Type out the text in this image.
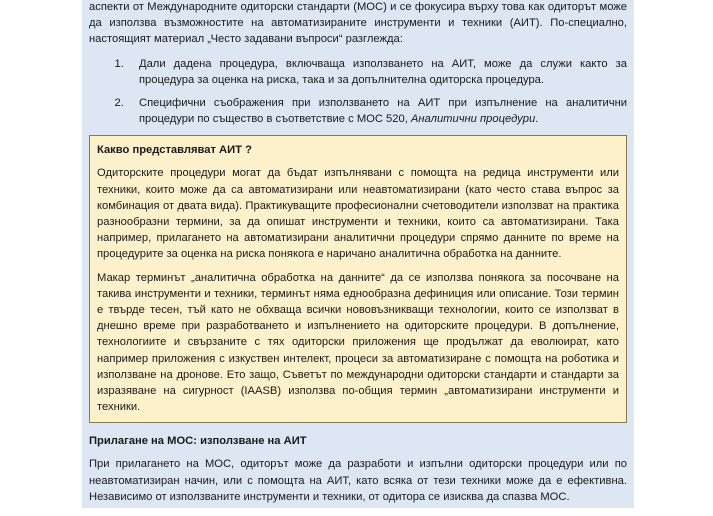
аспекти от Международните одиторски стандарти (МОС) и се фокусира върху това как одиторът може да използва възможностите на автоматизираните инструменти и техники (АИТ). По-специално, настоящият материал „Често задавани въпроси“ разглежда:

1. Дали дадена процедура, включваща използването на АИТ, може да служи както за процедура за оценка на риска, така и за допълнителна одиторска процедура.
2. Специфични съображения при използването на АИТ при изпълнение на аналитични процедури по същество в съответствие с МОС 520, Аналитични процедури.
Какво представляват АИТ ?

Одиторските процедури могат да бъдат изпълнявани с помощта на редица инструменти или техники, които може да са автоматизирани или неавтоматизирани (като често става въпрос за комбинация от двата вида). Практикуващите професионални счетоводители използват на практика разнообразни термини, за да опишат инструменти и техники, които са автоматизирани. Така например, прилагането на автоматизирани аналитични процедури спрямо данните по време на процедурите за оценка на риска понякога е наричано аналитична обработка на данните.

Макар терминът „аналитична обработка на данните“ да се използва понякога за посочване на такива инструменти и техники, терминът няма еднообразна дефиниция или описание. Този термин е твърде тесен, тъй като не обхваща всички нововъзникващи технологии, които се използват в днешно време при разработването и изпълнението на одиторските процедури. В допълнение, технологиите и свързаните с тях одиторски приложения ще продължат да еволюират, като например приложения с изкуствен интелект, процеси за автоматизиране с помощта на роботика и използване на дронове. Ето защо, Съветът по международни одиторски стандарти и стандарти за изразяване на сигурност (IAASB) използва по-общия термин „автоматизирани инструменти и техники.

Прилагане на МОС: използване на АИТ

При прилагането на МОС, одиторът може да разработи и изпълни одиторски процедури или по неавтоматизиран начин, или с помощта на АИТ, като всяка от тези техники може да е ефективна. Независимо от използваните инструменти и техники, от одитора се изисква да спазва МОС.
